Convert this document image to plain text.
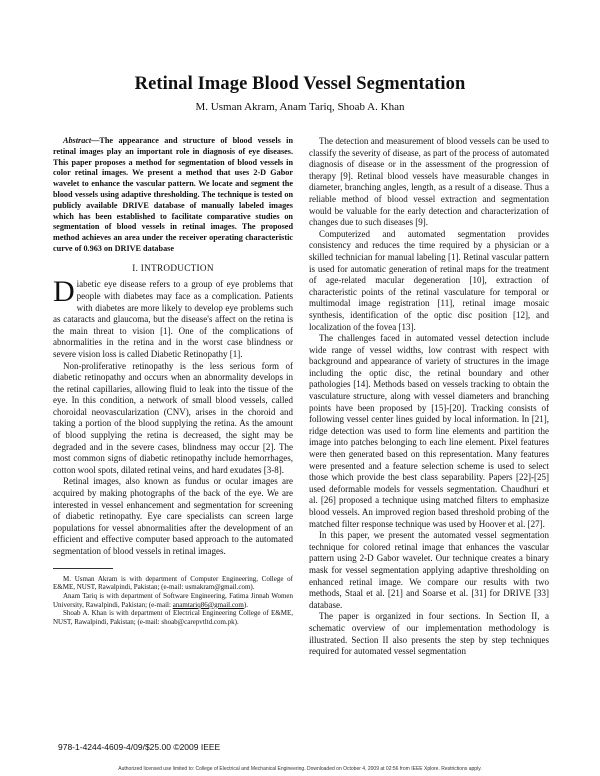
Retinal Image Blood Vessel Segmentation
M. Usman Akram, Anam Tariq, Shoab A. Khan

Abstract—The appearance and structure of blood vessels in retinal images play an important role in diagnosis of eye diseases. This paper proposes a method for segmentation of blood vessels in color retinal images. We present a method that uses 2-D Gabor wavelet to enhance the vascular pattern. We locate and segment the blood vessels using adaptive thresholding. The technique is tested on publicly available DRIVE database of manually labeled images which has been established to facilitate comparative studies on segmentation of blood vessels in retinal images. The proposed method achieves an area under the receiver operating characteristic curve of 0.963 on DRIVE database

I. INTRODUCTION

Diabetic eye disease refers to a group of eye problems that people with diabetes may face as a complication. Patients with diabetes are more likely to develop eye problems such as cataracts and glaucoma, but the disease's affect on the retina is the main threat to vision [1]. One of the complications of abnormalities in the retina and in the worst case blindness or severe vision loss is called Diabetic Retinopathy [1].

Non-proliferative retinopathy is the less serious form of diabetic retinopathy and occurs when an abnormality develops in the retinal capillaries, allowing fluid to leak into the tissue of the eye. In this condition, a network of small blood vessels, called choroidal neovascularization (CNV), arises in the choroid and taking a portion of the blood supplying the retina. As the amount of blood supplying the retina is decreased, the sight may be degraded and in the severe cases, blindness may occur [2]. The most common signs of diabetic retinopathy include hemorrhages, cotton wool spots, dilated retinal veins, and hard exudates [3-8].

Retinal images, also known as fundus or ocular images are acquired by making photographs of the back of the eye. We are interested in vessel enhancement and segmentation for screening of diabetic retinopathy. Eye care specialists can screen large populations for vessel abnormalities after the development of an efficient and effective computer based approach to the automated segmentation of blood vessels in retinal images.

M. Usman Akram is with department of Computer Engineering, College of E&ME, NUST, Rawalpindi, Pakistan; (e-mail: usmakram@gmail.com).

Anam Tariq is with department of Software Engineering, Fatima Jinnah Women University, Rawalpindi, Pakistan; (e-mail: anamtariq86@gmail.com).

Shoab A. Khan is with department of Electrical Engineering College of E&ME, NUST, Rawalpindi, Pakistan; (e-mail: shoab@carepvtltd.com.pk).

The detection and measurement of blood vessels can be used to classify the severity of disease, as part of the process of automated diagnosis of disease or in the assessment of the progression of therapy [9]. Retinal blood vessels have measurable changes in diameter, branching angles, length, as a result of a disease. Thus a reliable method of blood vessel extraction and segmentation would be valuable for the early detection and characterization of changes due to such diseases [9].

Computerized and automated segmentation provides consistency and reduces the time required by a physician or a skilled technician for manual labeling [1]. Retinal vascular pattern is used for automatic generation of retinal maps for the treatment of age-related macular degeneration [10], extraction of characteristic points of the retinal vasculature for temporal or multimodal image registration [11], retinal image mosaic synthesis, identification of the optic disc position [12], and localization of the fovea [13].

The challenges faced in automated vessel detection include wide range of vessel widths, low contrast with respect with background and appearance of variety of structures in the image including the optic disc, the retinal boundary and other pathologies [14]. Methods based on vessels tracking to obtain the vasculature structure, along with vessel diameters and branching points have been proposed by [15]-[20]. Tracking consists of following vessel center lines guided by local information. In [21], ridge detection was used to form line elements and partition the image into patches belonging to each line element. Pixel features were then generated based on this representation. Many features were presented and a feature selection scheme is used to select those which provide the best class separability. Papers [22]-[25] used deformable models for vessels segmentation. Chaudhuri et al. [26] proposed a technique using matched filters to emphasize blood vessels. An improved region based threshold probing of the matched filter response technique was used by Hoover et al. [27].

In this paper, we present the automated vessel segmentation technique for colored retinal image that enhances the vascular pattern using 2-D Gabor wavelet. Our technique creates a binary mask for vessel segmentation applying adaptive thresholding on enhanced retinal image. We compare our results with two methods, Staal et al. [21] and Soarse et al. [31] for DRIVE [33] database.

The paper is organized in four sections. In Section II, a schematic overview of our implementation methodology is illustrated. Section II also presents the step by step techniques required for automated vessel segmentation

978-1-4244-4609-4/09/$25.00 ©2009 IEEE
Authorized licensed use limited to: College of Electrical and Mechanical Engineering. Downloaded on October 4, 2009 at 02:56 from IEEE Xplore. Restrictions apply.
